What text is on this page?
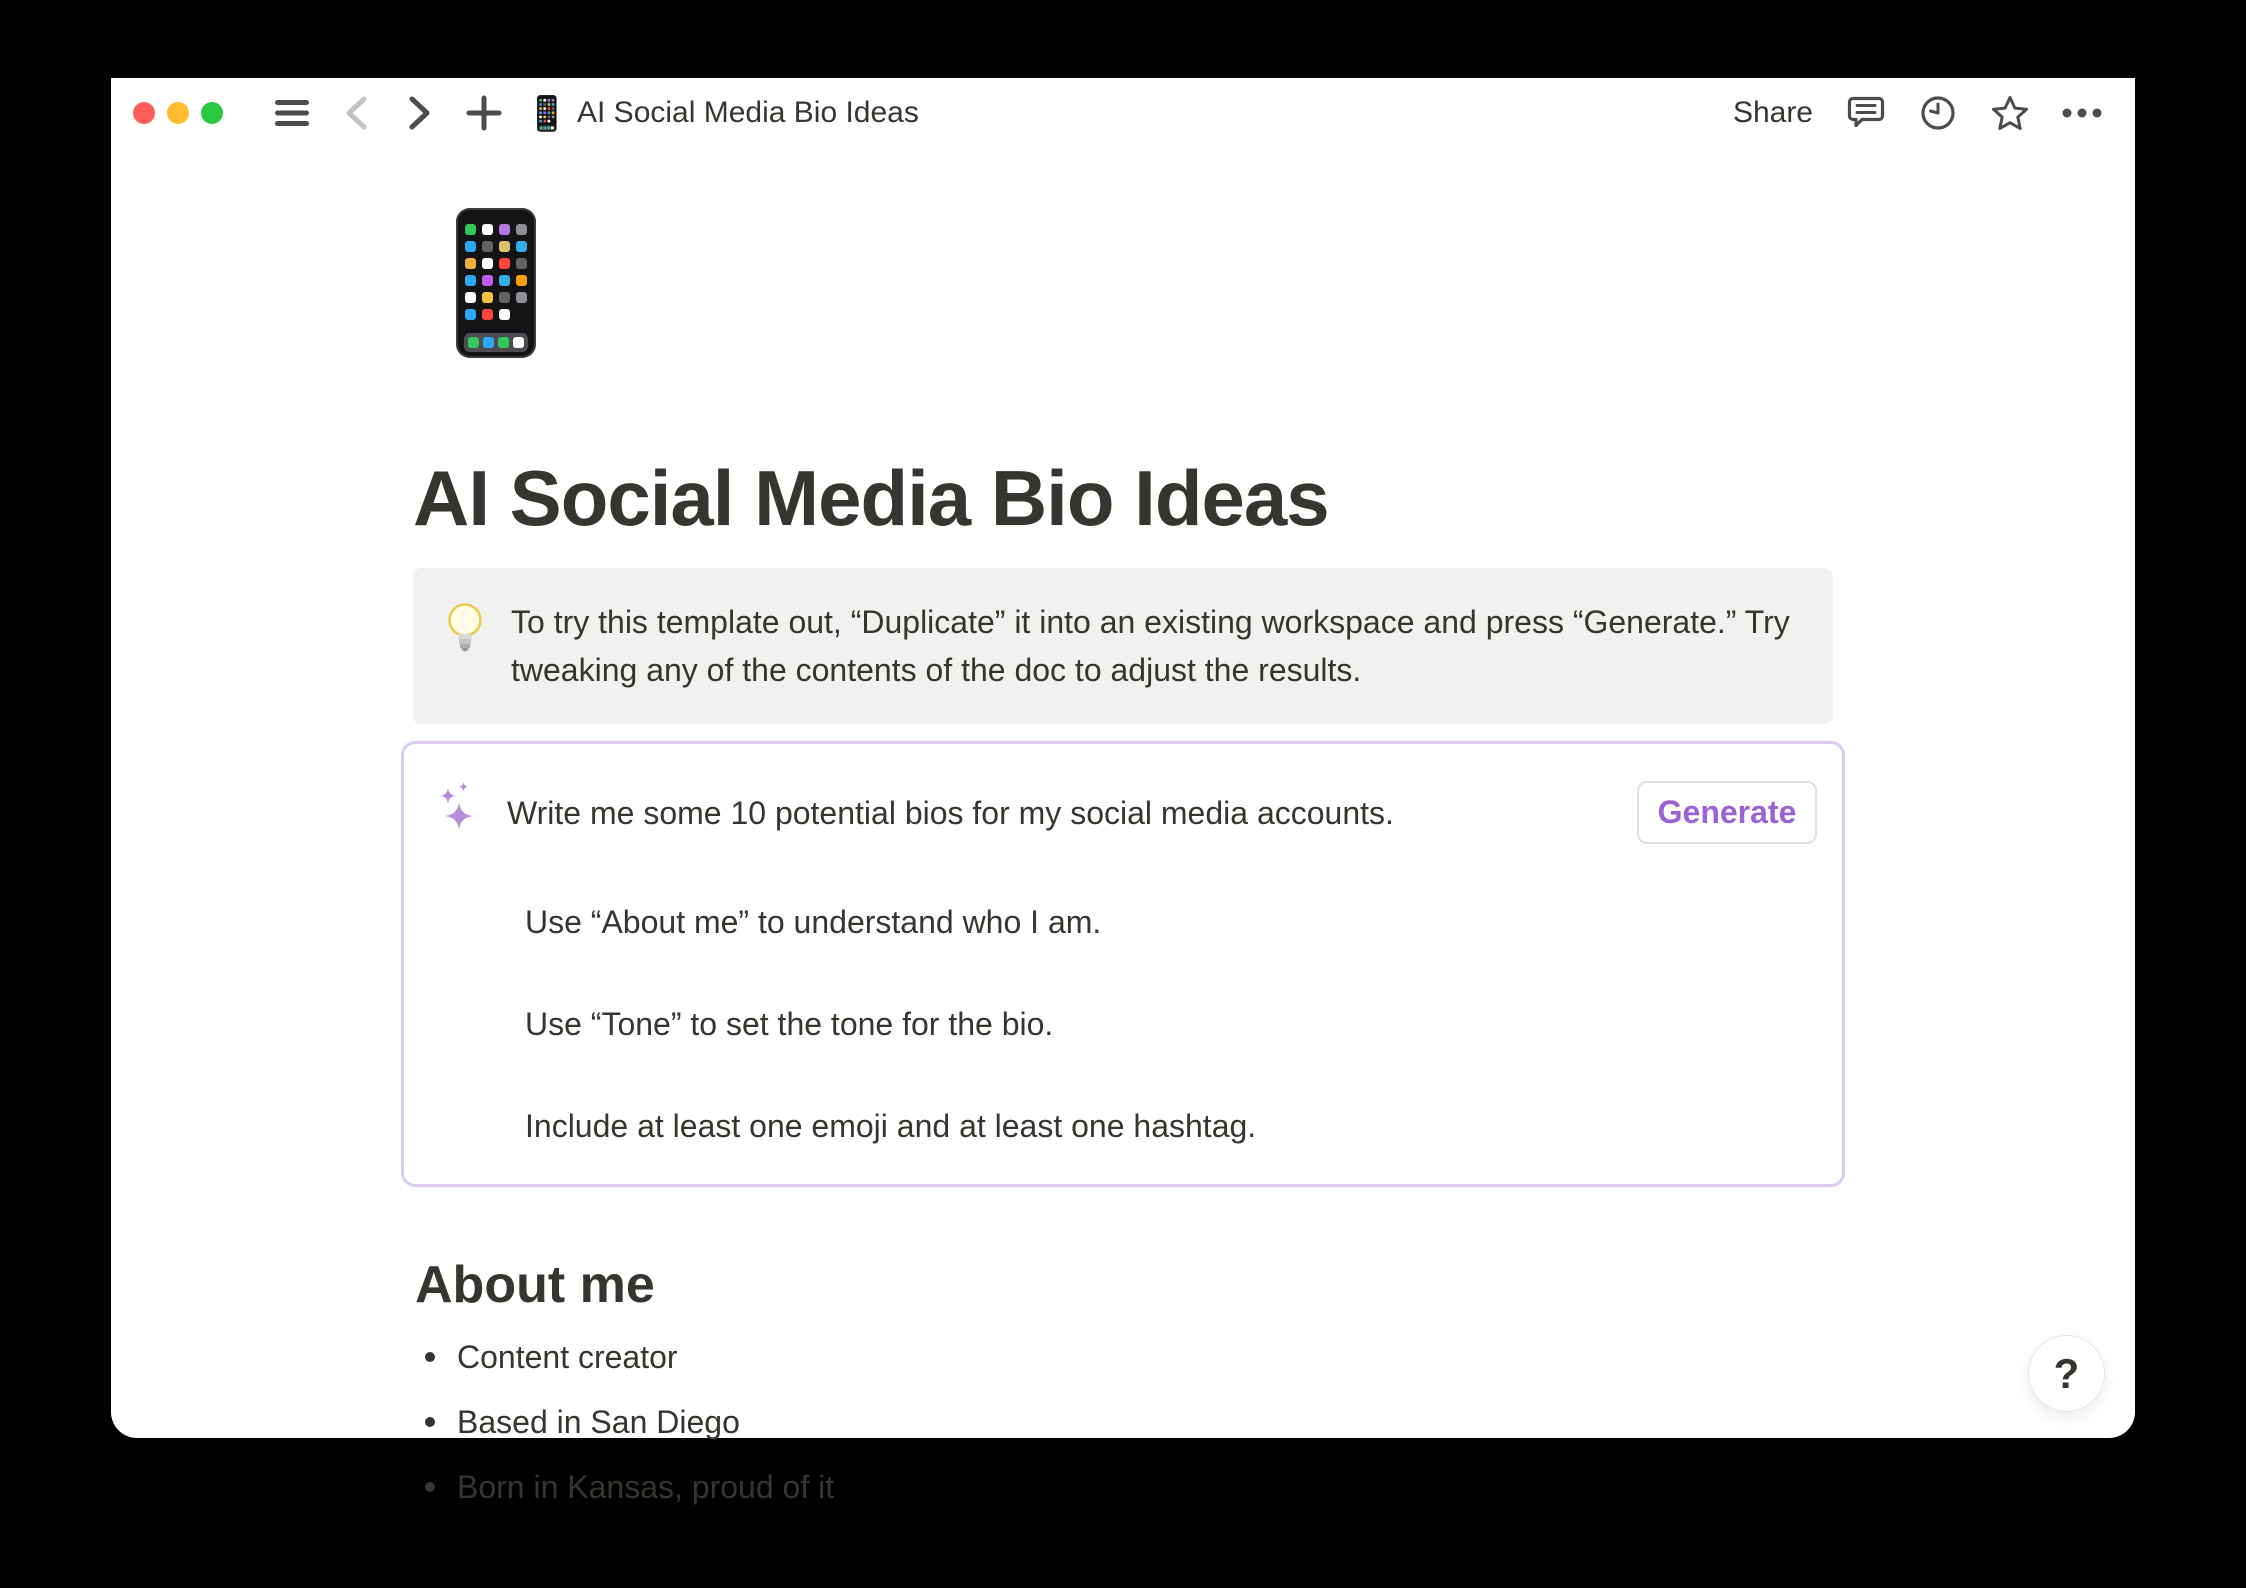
AI Social Media Bio Ideas	Share
AI Social Media Bio Ideas
To try this template out, “Duplicate” it into an existing workspace and press “Generate.” Try tweaking any of the contents of the doc to adjust the results.
Write me some 10 potential bios for my social media accounts.	Generate

Use “About me” to understand who I am.

Use “Tone” to set the tone for the bio.

Include at least one emoji and at least one hashtag.

About me
Content creator
Based in San Diego
Born in Kansas, proud of it
?
